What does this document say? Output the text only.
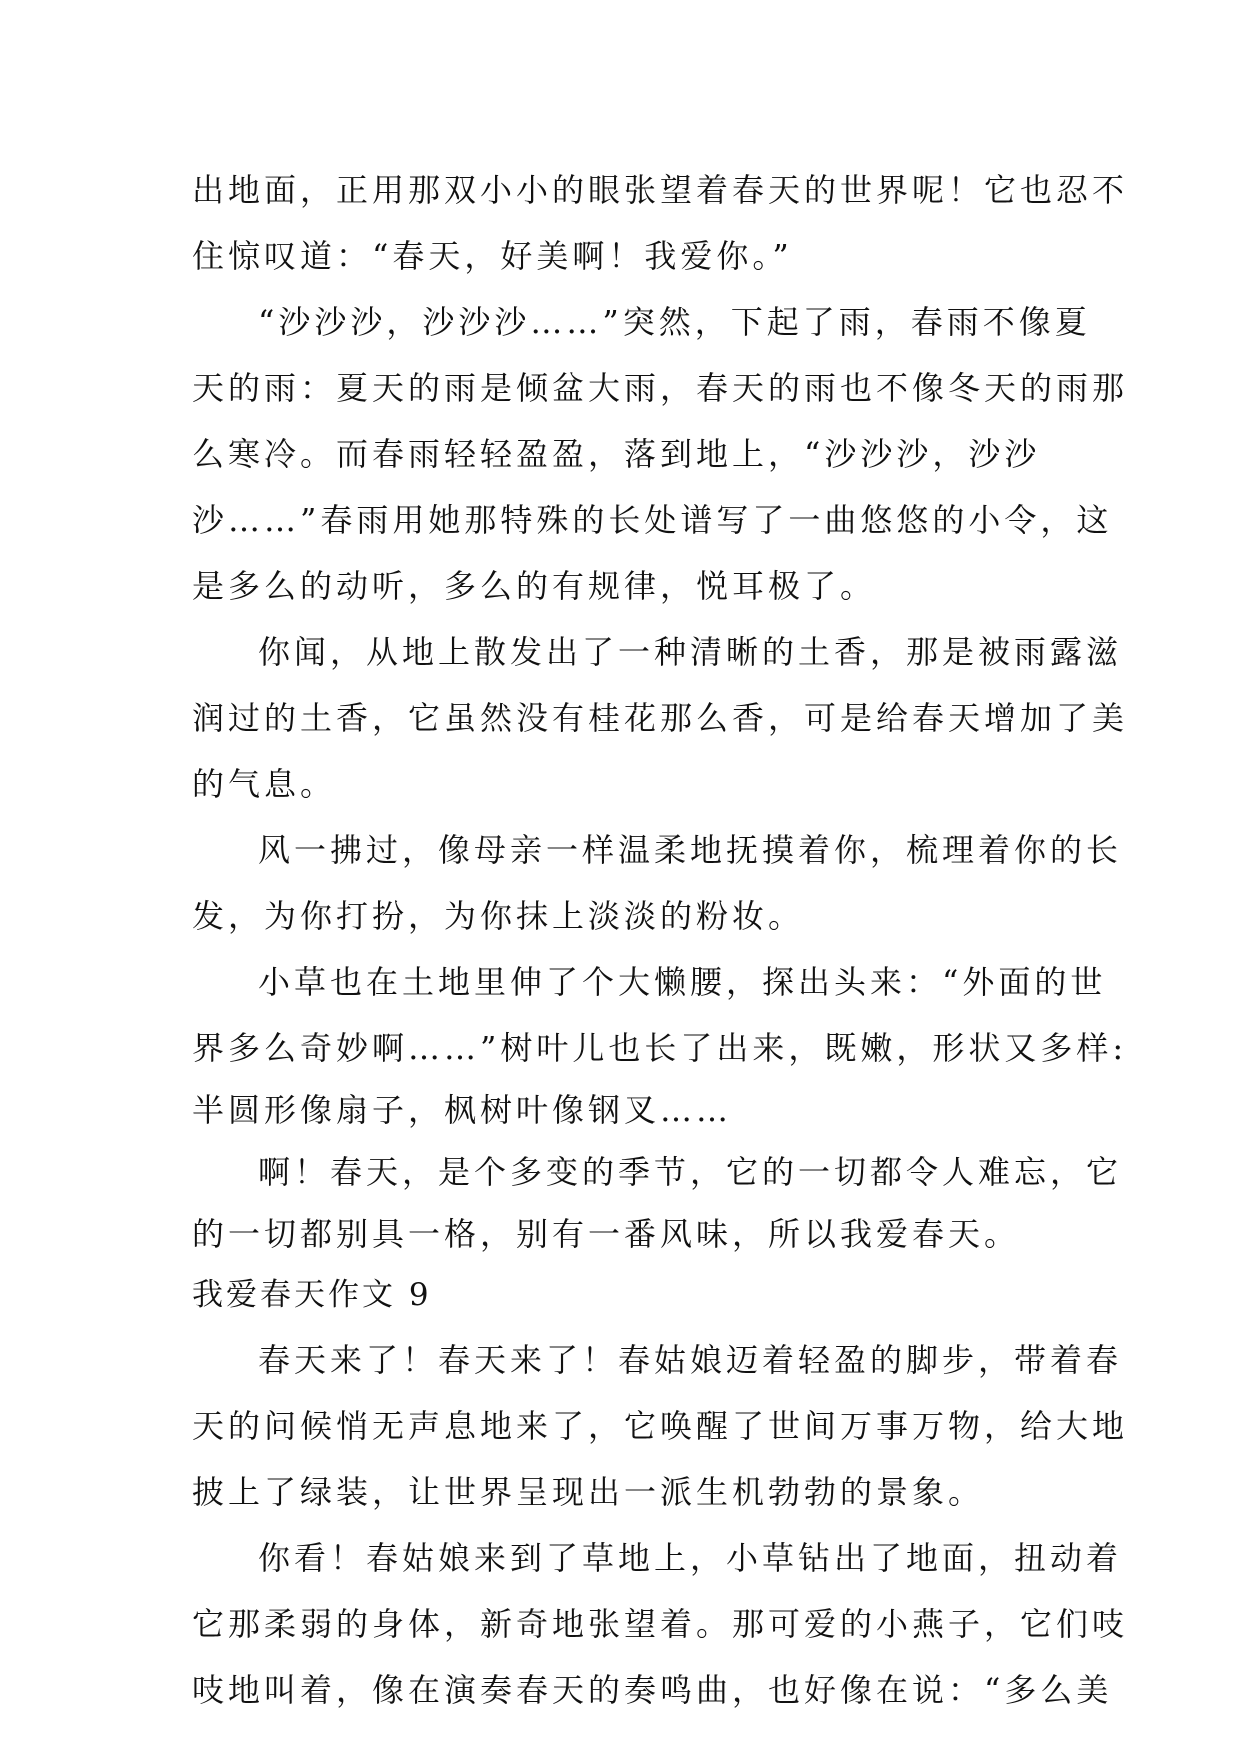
出地面，正用那双小小的眼张望着春天的世界呢！它也忍不
住惊叹道：“春天，好美啊！我爱你。”
“沙沙沙，沙沙沙……”突然，下起了雨，春雨不像夏
天的雨：夏天的雨是倾盆大雨，春天的雨也不像冬天的雨那
么寒冷。而春雨轻轻盈盈，落到地上，“沙沙沙，沙沙
沙……”春雨用她那特殊的长处谱写了一曲悠悠的小令，这
是多么的动听，多么的有规律，悦耳极了。
你闻，从地上散发出了一种清晰的土香，那是被雨露滋
润过的土香，它虽然没有桂花那么香，可是给春天增加了美
的气息。
风一拂过，像母亲一样温柔地抚摸着你，梳理着你的长
发，为你打扮，为你抹上淡淡的粉妆。
小草也在土地里伸了个大懒腰，探出头来：“外面的世
界多么奇妙啊……”树叶儿也长了出来，既嫩，形状又多样:
半圆形像扇子，枫树叶像钢叉……
啊！春天，是个多变的季节，它的一切都令人难忘，它
的一切都别具一格，别有一番风味，所以我爱春天。
我爱春天作文 9
春天来了！春天来了！春姑娘迈着轻盈的脚步，带着春
天的问候悄无声息地来了，它唤醒了世间万事万物，给大地
披上了绿装，让世界呈现出一派生机勃勃的景象。
你看！春姑娘来到了草地上，小草钻出了地面，扭动着
它那柔弱的身体，新奇地张望着。那可爱的小燕子，它们吱
吱地叫着，像在演奏春天的奏鸣曲，也好像在说：“多么美
